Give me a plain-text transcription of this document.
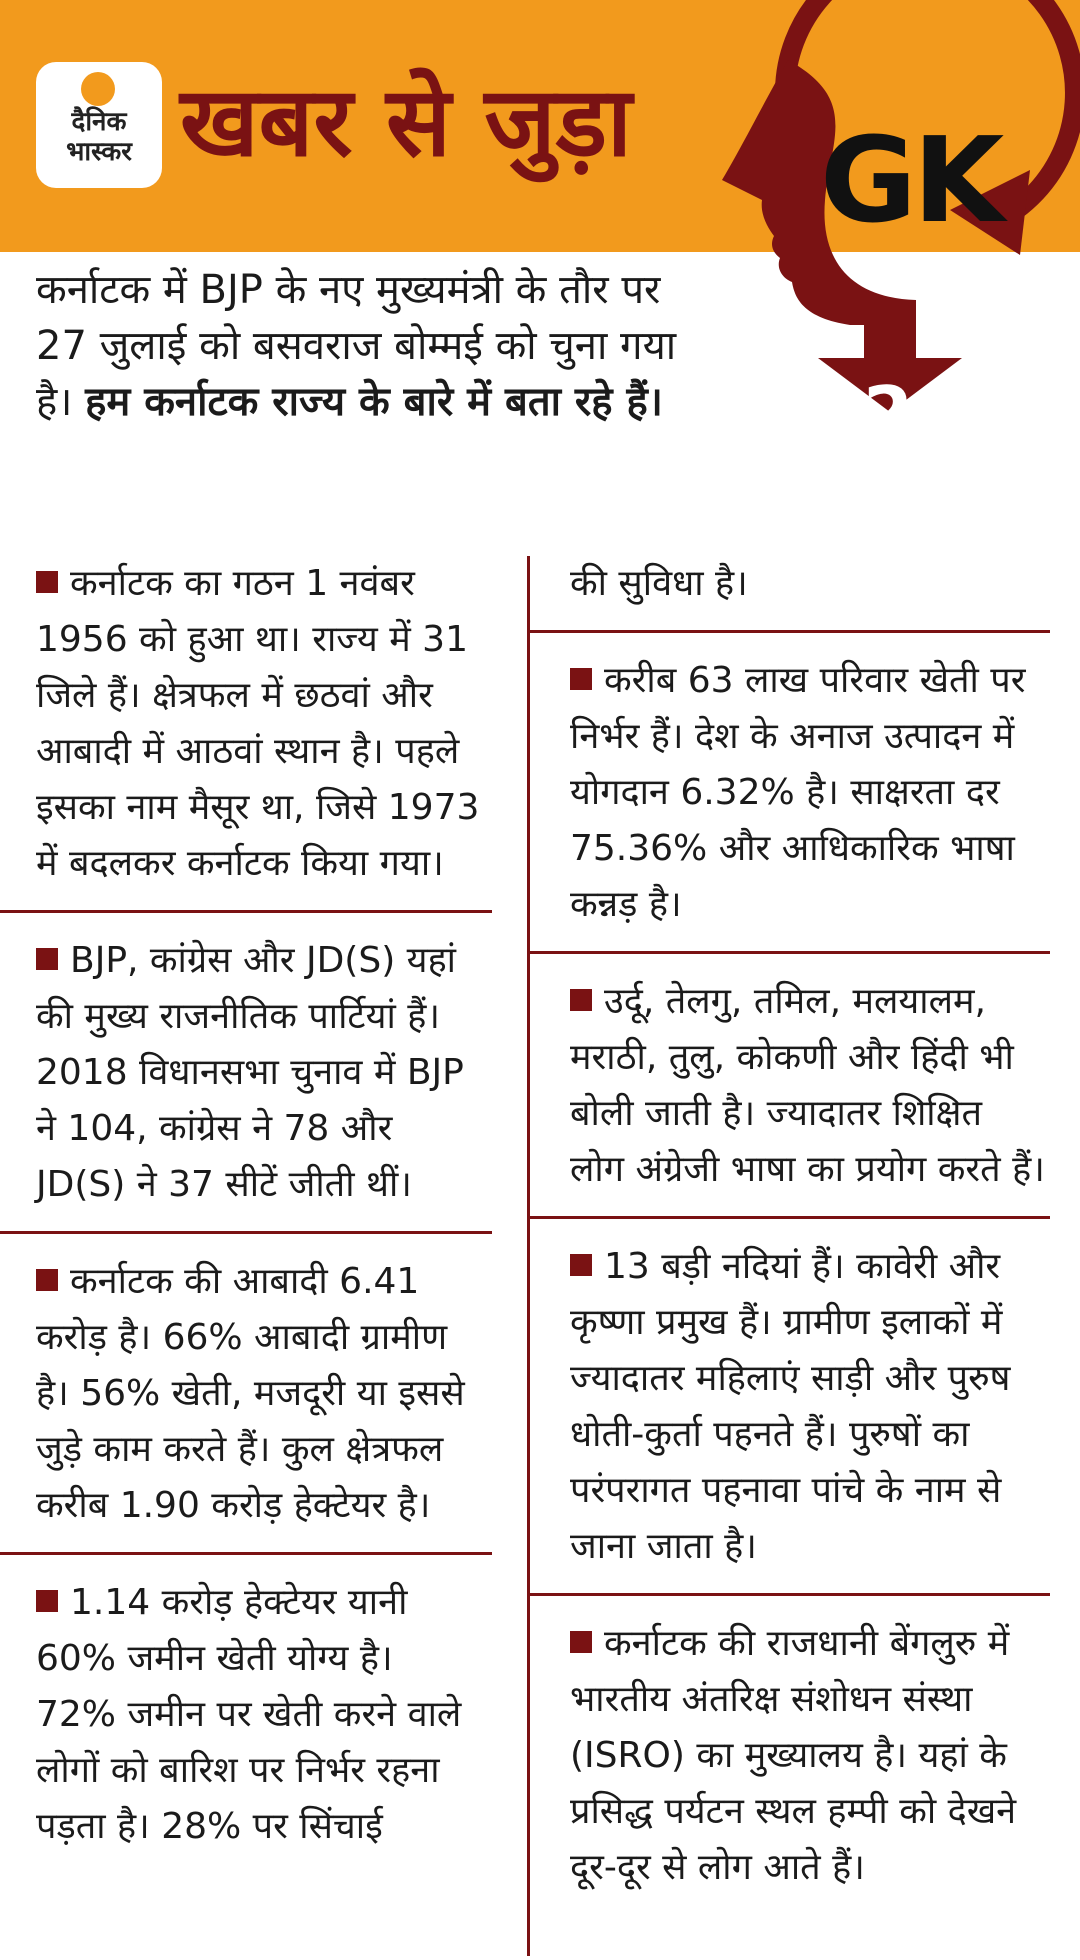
दैनिक
भास्कर खबर से जुड़ा GK
2
कर्नाटक में BJP के नए मुख्यमंत्री के तौर पर 27 जुलाई को बसवराज बोम्मई को चुना गया है। हम कर्नाटक राज्य के बारे में बता रहे हैं।
कर्नाटक का गठन 1 नवंबर 1956 को हुआ था। राज्य में 31 जिले हैं। क्षेत्रफल में छठवां और आबादी में आठवां स्थान है। पहले इसका नाम मैसूर था, जिसे 1973 में बदलकर कर्नाटक किया गया।
BJP, कांग्रेस और JD(S) यहां की मुख्य राजनीतिक पार्टियां हैं। 2018 विधानसभा चुनाव में BJP ने 104, कांग्रेस ने 78 और JD(S) ने 37 सीटें जीती थीं।
कर्नाटक की आबादी 6.41 करोड़ है। 66% आबादी ग्रामीण है। 56% खेती, मजदूरी या इससे जुड़े काम करते हैं। कुल क्षेत्रफल करीब 1.90 करोड़ हेक्टेयर है।
1.14 करोड़ हेक्टेयर यानी 60% जमीन खेती योग्य है। 72% जमीन पर खेती करने वाले लोगों को बारिश पर निर्भर रहना पड़ता है। 28% पर सिंचाई
की सुविधा है।
करीब 63 लाख परिवार खेती पर निर्भर हैं। देश के अनाज उत्पादन में योगदान 6.32% है। साक्षरता दर 75.36% और आधिकारिक भाषा कन्नड़ है।
उर्दू, तेलगु, तमिल, मलयालम, मराठी, तुलु, कोकणी और हिंदी भी बोली जाती है। ज्यादातर शिक्षित लोग अंग्रेजी भाषा का प्रयोग करते हैं।
13 बड़ी नदियां हैं। कावेरी और कृष्णा प्रमुख हैं। ग्रामीण इलाकों में ज्यादातर महिलाएं साड़ी और पुरुष धोती-कुर्ता पहनते हैं। पुरुषों का परंपरागत पहनावा पांचे के नाम से जाना जाता है।
कर्नाटक की राजधानी बेंगलुरु में भारतीय अंतरिक्ष संशोधन संस्था (ISRO) का मुख्यालय है। यहां के प्रसिद्ध पर्यटन स्थल हम्पी को देखने दूर-दूर से लोग आते हैं।
